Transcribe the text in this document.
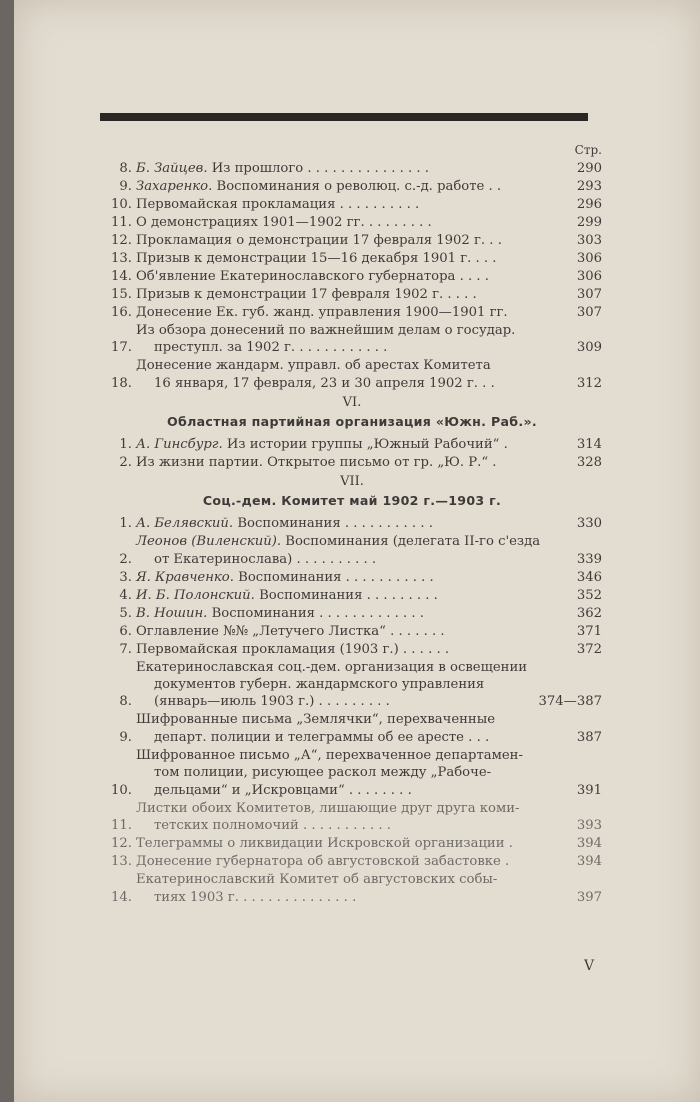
Стр.
8. Б. Зайцев. Из прошлого . . . . . . . . . . . . . . .	290
9. Захаренко. Воспоминания о революц. с.-д. работе . .	293
10. Первомайская прокламация . . . . . . . . . .	296
11. О демонстрациях 1901—1902 гг. . . . . . . . .	299
12. Прокламация о демонстрации 17 февраля 1902 г. . .	303
13. Призыв к демонстрации 15—16 декабря 1901 г. . . .	306
14. Об'явление Екатеринославского губернатора . . . .	306
15. Призыв к демонстрации 17 февраля 1902 г. . . . .	307
16. Донесение Ек. губ. жанд. управления 1900—1901 гг.	307
17.
Из обзора донесений по важнейшим делам о государ.
преступл. за 1902 г. . . . . . . . . . . .	309
18.
Донесение жандарм. управл. об арестах Комитета
16 января, 17 февраля, 23 и 30 апреля 1902 г. . .	312
VI.
Областная партийная организация «Южн. Раб.».
1. А. Гинсбург. Из истории группы „Южный Рабочий“ .	314
2. Из жизни партии. Открытое письмо от гр. „Ю. Р.“ .	328
VII.
Соц.-дем. Комитет май 1902 г.—1903 г.
1. А. Белявский. Воспоминания . . . . . . . . . . .	330
2.
Леонов (Виленский). Воспоминания (делегата II-го с'езда
от Екатеринослава) . . . . . . . . . .	339
3. Я. Кравченко. Воспоминания . . . . . . . . . . .	346
4. И. Б. Полонский. Воспоминания . . . . . . . . .	352
5. В. Ношин. Воспоминания . . . . . . . . . . . . .	362
6. Оглавление №№ „Летучего Листка“ . . . . . . .	371
7. Первомайская прокламация (1903 г.) . . . . . .	372
8.
Екатеринославская соц.-дем. организация в освещении
документов губерн. жандармского управления
(январь—июль 1903 г.) . . . . . . . . .	374—387
9.
Шифрованные письма „Землячки“, перехваченные
департ. полиции и телеграммы об ее аресте . . .	387
10.
Шифрованное письмо „А“, перехваченное департамен-
том полиции, рисующее раскол между „Рабоче-
дельцами“ и „Искровцами“ . . . . . . . .	391
11.
Листки обоих Комитетов, лишающие друг друга коми-
тетских полномочий . . . . . . . . . . .	393
12. Телеграммы о ликвидации Искровской организации .	394
13. Донесение губернатора об августовской забастовке .	394
14.
Екатеринославский Комитет об августовских собы-
тиях 1903 г. . . . . . . . . . . . . . .	397
V
